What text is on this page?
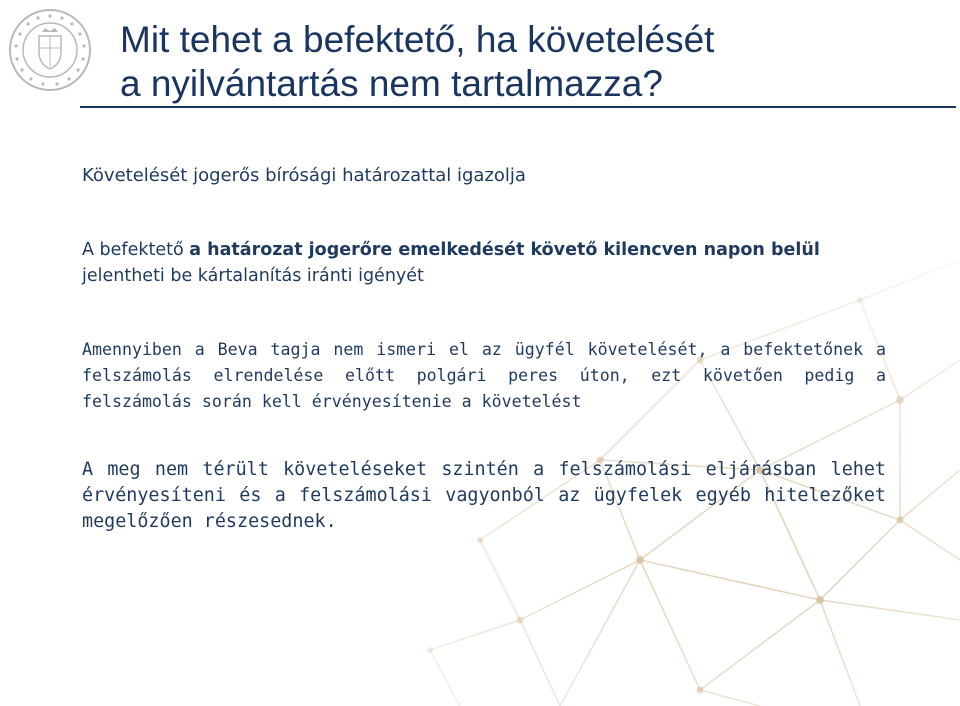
Mit tehet a befektető, ha követelését
a nyilvántartás nem tartalmazza?

Követelését jogerős bírósági határozattal igazolja

A befektető a határozat jogerőre emelkedését követő kilencven napon belül jelentheti be kártalanítás iránti igényét

Amennyiben a Beva tagja nem ismeri el az ügyfél követelését, a befektetőnek a felszámolás elrendelése előtt polgári peres úton, ezt követően pedig a felszámolás során kell érvényesítenie a követelést

A meg nem térült követeléseket szintén a felszámolási eljárásban lehet érvényesíteni és a felszámolási vagyonból az ügyfelek egyéb hitelezőket megelőzően részesednek.
